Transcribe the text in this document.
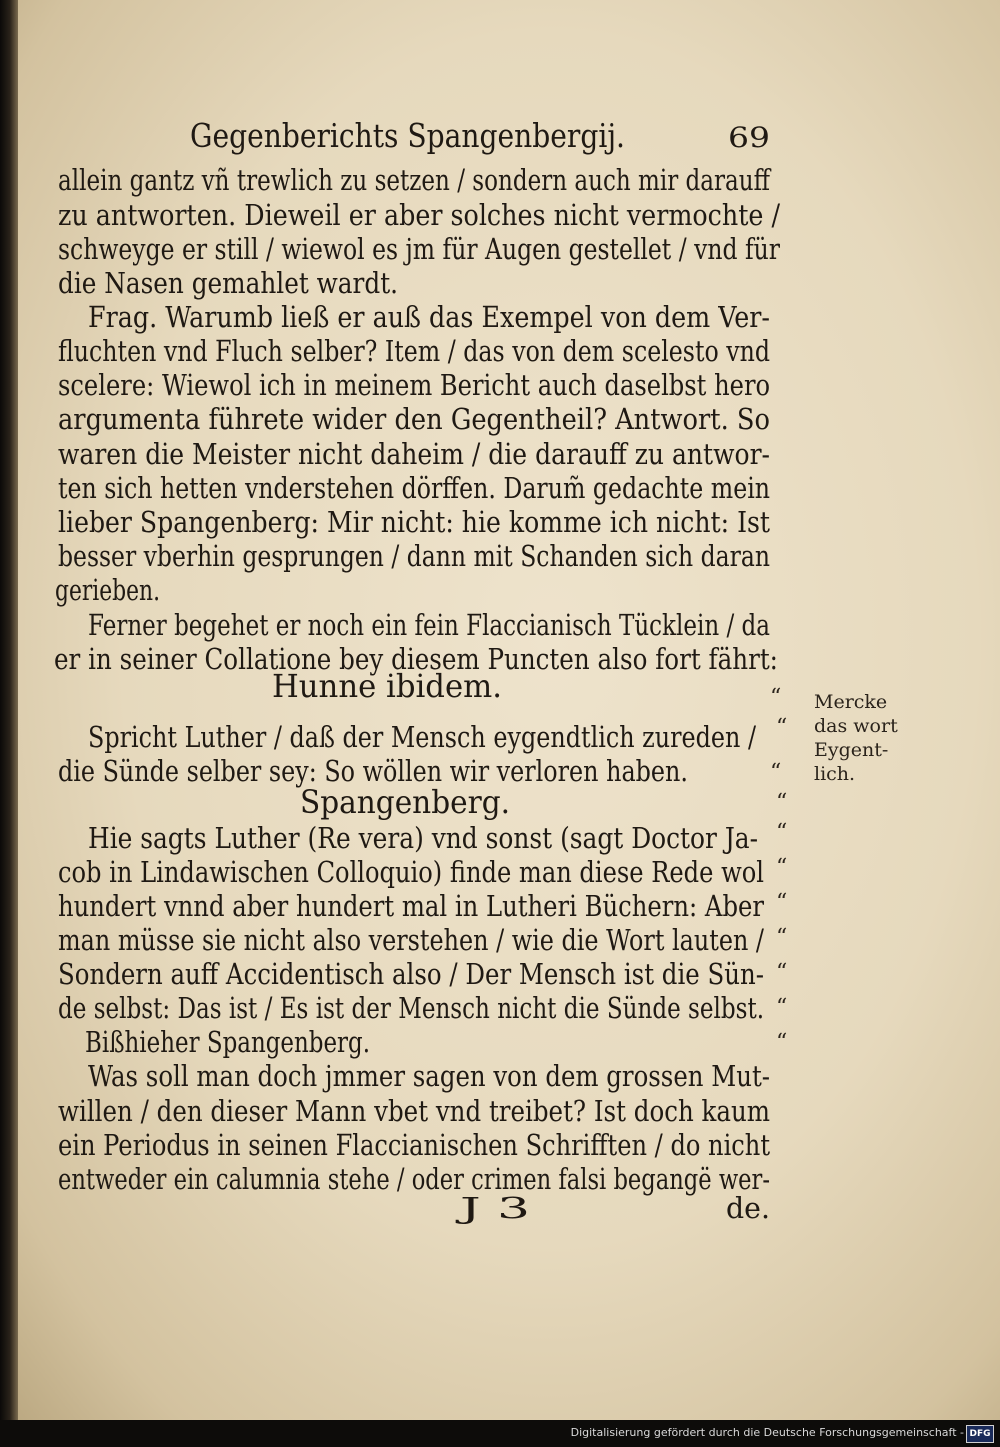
Gegenberichts Spangenbergij.	69
allein gantz vñ trewlich zu setzen / sondern auch mir darauff
zu antworten. Dieweil er aber solches nicht vermochte /
schweyge er still / wiewol es jm für Augen gestellet / vnd für
die Nasen gemahlet wardt.
Frag. Warumb ließ er auß das Exempel von dem Ver-
fluchten vnd Fluch selber? Item / das von dem scelesto vnd
scelere: Wiewol ich in meinem Bericht auch daselbst hero
argumenta führete wider den Gegentheil? Antwort. So
waren die Meister nicht daheim / die darauff zu antwor-
ten sich hetten vnderstehen dörffen. Darum̃ gedachte mein
lieber Spangenberg: Mir nicht: hie komme ich nicht: Ist
besser vberhin gesprungen / dann mit Schanden sich daran
gerieben.
Ferner begehet er noch ein fein Flaccianisch Tücklein / da
er in seiner Collatione bey diesem Puncten also fort fährt:
Hunne ibidem.
Spricht Luther / daß der Mensch eygendtlich zureden /
die Sünde selber sey: So wöllen wir verloren haben.
Spangenberg.
Hie sagts Luther (Re vera) vnd sonst (sagt Doctor Ja-
cob in Lindawischen Colloquio) finde man diese Rede wol
hundert vnnd aber hundert mal in Lutheri Büchern: Aber
man müsse sie nicht also verstehen / wie die Wort lauten /
Sondern auff Accidentisch also / Der Mensch ist die Sün-
de selbst: Das ist / Es ist der Mensch nicht die Sünde selbst.
Bißhieher Spangenberg.
Was soll man doch jmmer sagen von dem grossen Mut-
willen / den dieser Mann vbet vnd treibet? Ist doch kaum
ein Periodus in seinen Flaccianischen Schrifften / do nicht
entweder ein calumnia stehe / oder crimen falsi begangë wer-
J 3	de.
“
“
“
“
“
“
“
“
“
“
“
Mercke das wort Eygent-lich.
Digitalisierung gefördert durch die Deutsche Forschungsgemeinschaft - DFG
